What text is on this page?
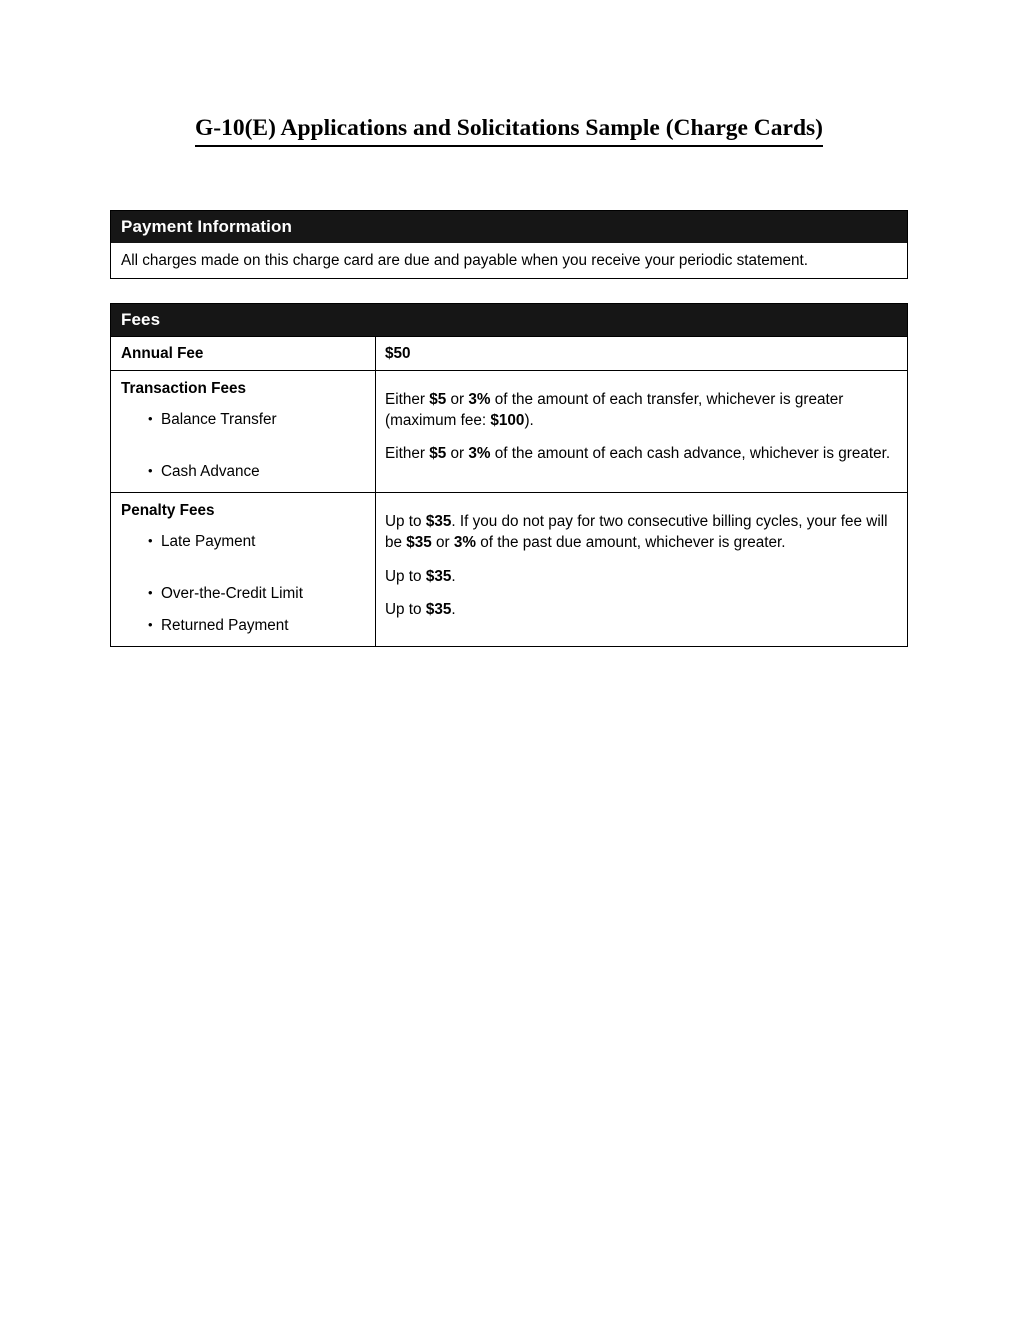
G-10(E) Applications and Solicitations Sample (Charge Cards)
Payment Information
All charges made on this charge card are due and payable when you receive your periodic statement.
Fees
Annual Fee	$50
Transaction Fees
• Balance Transfer
• Cash Advance

Either $5 or 3% of the amount of each transfer, whichever is greater (maximum fee: $100).

Either $5 or 3% of the amount of each cash advance, whichever is greater.

Penalty Fees
• Late Payment
• Over-the-Credit Limit
• Returned Payment

Up to $35. If you do not pay for two consecutive billing cycles, your fee will be $35 or 3% of the past due amount, whichever is greater.

Up to $35.

Up to $35.
